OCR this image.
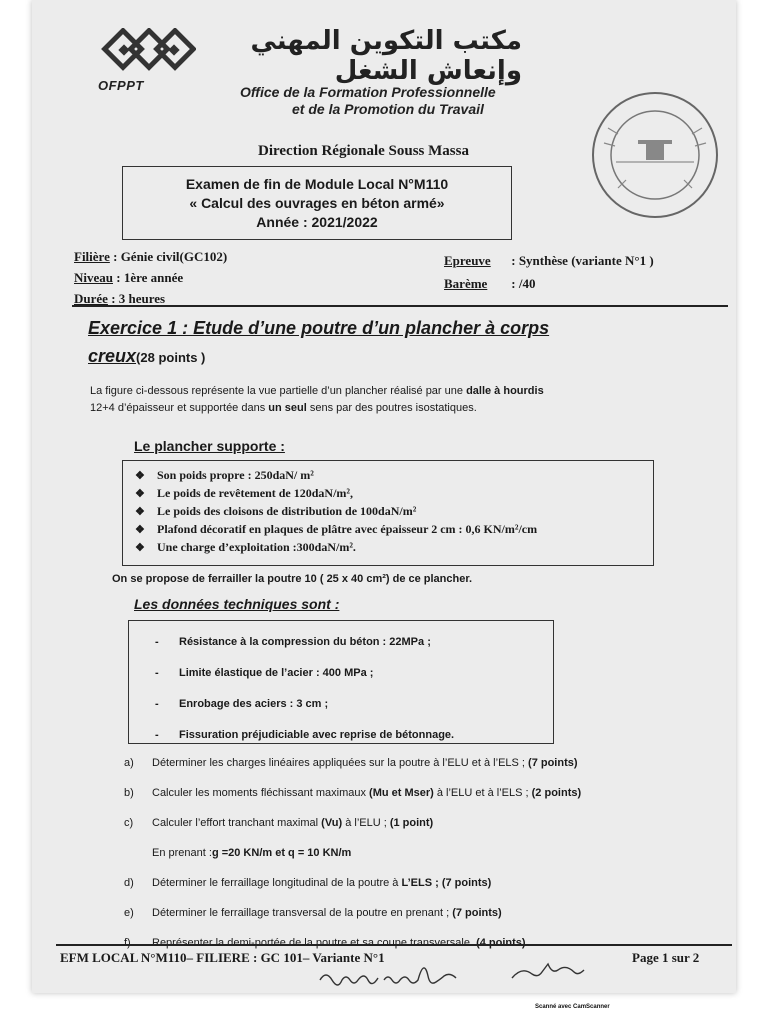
OFPPT
مكتب التكوين المهني وإنعاش الشغل
Office de la Formation Professionnelle
et de la Promotion du Travail
Direction Régionale Souss Massa
Examen de fin de Module Local N°M110
« Calcul des ouvrages en béton armé»
Année : 2021/2022
Filière : Génie civil(GC102)
Niveau : 1ère année
Durée : 3 heures
Epreuve : Synthèse (variante N°1 )
Barème : /40
Exercice 1 : Etude d’une poutre d’un plancher à corps
creux(28 points )
La figure ci-dessous représente la vue partielle d’un plancher réalisé par une dalle à hourdis
12+4 d’épaisseur et supportée dans un seul sens par des poutres isostatiques.
Le plancher supporte :
❖ Son poids propre : 250daN/ m²
❖ Le poids de revêtement de 120daN/m²,
❖ Le poids des cloisons de distribution de 100daN/m²
❖ Plafond décoratif en plaques de plâtre avec épaisseur 2 cm : 0,6 KN/m²/cm
❖ Une charge d’exploitation :300daN/m².
On se propose de ferrailler la poutre 10 ( 25 x 40 cm²) de ce plancher.
Les données techniques sont :
- Résistance à la compression du béton : 22MPa ;
- Limite élastique de l’acier : 400 MPa ;
- Enrobage des aciers : 3 cm ;
- Fissuration préjudiciable avec reprise de bétonnage.
a) Déterminer les charges linéaires appliquées sur la poutre à l’ELU et à l’ELS ; (7 points)
b) Calculer les moments fléchissant maximaux (Mu et Mser) à l’ELU et à l’ELS ; (2 points)
c) Calculer l’effort tranchant maximal (Vu) à l’ELU ; (1 point)
En prenant :g =20 KN/m et q = 10 KN/m
d) Déterminer le ferraillage longitudinal de la poutre à L’ELS ; (7 points)
e) Déterminer le ferraillage transversal de la poutre en prenant ; (7 points)
f) Représenter la demi-portée de la poutre et sa coupe transversale. (4 points)
EFM LOCAL N°M110– FILIERE : GC 101– Variante N°1	Page 1 sur 2
Scanné avec CamScanner
